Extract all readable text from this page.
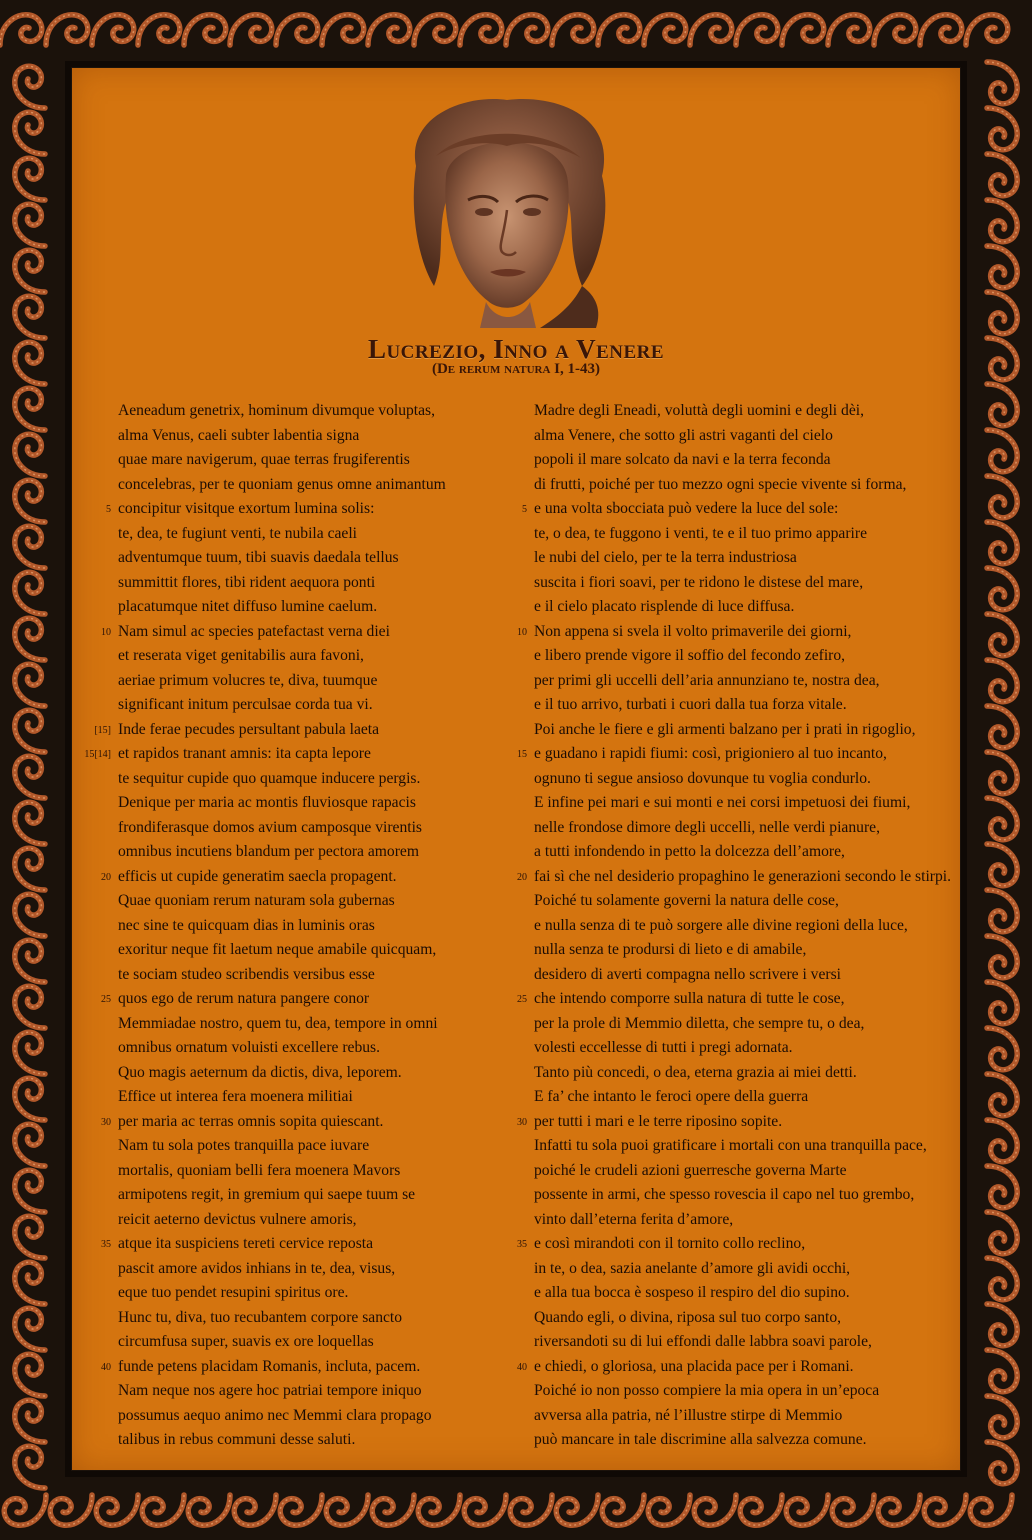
Lucrezio, Inno a Venere
(De rerum natura I, 1-43)
Aeneadum genetrix, hominum divumque voluptas,
alma Venus, caeli subter labentia signa
quae mare navigerum, quae terras frugiferentis
concelebras, per te quoniam genus omne animantum
5 concipitur visitque exortum lumina solis:
te, dea, te fugiunt venti, te nubila caeli
adventumque tuum, tibi suavis daedala tellus
summittit flores, tibi rident aequora ponti
placatumque nitet diffuso lumine caelum.
10 Nam simul ac species patefactast verna diei
et reserata viget genitabilis aura favoni,
aeriae primum volucres te, diva, tuumque
significant initum perculsae corda tua vi.
[15] Inde ferae pecudes persultant pabula laeta
15[14] et rapidos tranant amnis: ita capta lepore
te sequitur cupide quo quamque inducere pergis.
Denique per maria ac montis fluviosque rapacis
frondiferasque domos avium camposque virentis
omnibus incutiens blandum per pectora amorem
20 efficis ut cupide generatim saecla propagent.
Quae quoniam rerum naturam sola gubernas
nec sine te quicquam dias in luminis oras
exoritur neque fit laetum neque amabile quicquam,
te sociam studeo scribendis versibus esse
25 quos ego de rerum natura pangere conor
Memmiadae nostro, quem tu, dea, tempore in omni
omnibus ornatum voluisti excellere rebus.
Quo magis aeternum da dictis, diva, leporem.
Effice ut interea fera moenera militiai
30 per maria ac terras omnis sopita quiescant.
Nam tu sola potes tranquilla pace iuvare
mortalis, quoniam belli fera moenera Mavors
armipotens regit, in gremium qui saepe tuum se
reicit aeterno devictus vulnere amoris,
35 atque ita suspiciens tereti cervice reposta
pascit amore avidos inhians in te, dea, visus,
eque tuo pendet resupini spiritus ore.
Hunc tu, diva, tuo recubantem corpore sancto
circumfusa super, suavis ex ore loquellas
40 funde petens placidam Romanis, incluta, pacem.
Nam neque nos agere hoc patriai tempore iniquo
possumus aequo animo nec Memmi clara propago
talibus in rebus communi desse saluti.
Madre degli Eneadi, voluttà degli uomini e degli dèi,
alma Venere, che sotto gli astri vaganti del cielo
popoli il mare solcato da navi e la terra feconda
di frutti, poiché per tuo mezzo ogni specie vivente si forma,
5 e una volta sbocciata può vedere la luce del sole:
te, o dea, te fuggono i venti, te e il tuo primo apparire
le nubi del cielo, per te la terra industriosa
suscita i fiori soavi, per te ridono le distese del mare,
e il cielo placato risplende di luce diffusa.
10 Non appena si svela il volto primaverile dei giorni,
e libero prende vigore il soffio del fecondo zefiro,
per primi gli uccelli dell’aria annunziano te, nostra dea,
e il tuo arrivo, turbati i cuori dalla tua forza vitale.
Poi anche le fiere e gli armenti balzano per i prati in rigoglio,
15 e guadano i rapidi fiumi: così, prigioniero al tuo incanto,
ognuno ti segue ansioso dovunque tu voglia condurlo.
E infine pei mari e sui monti e nei corsi impetuosi dei fiumi,
nelle frondose dimore degli uccelli, nelle verdi pianure,
a tutti infondendo in petto la dolcezza dell’amore,
20 fai sì che nel desiderio propaghino le generazioni secondo le stirpi.
Poiché tu solamente governi la natura delle cose,
e nulla senza di te può sorgere alle divine regioni della luce,
nulla senza te prodursi di lieto e di amabile,
desidero di averti compagna nello scrivere i versi
25 che intendo comporre sulla natura di tutte le cose,
per la prole di Memmio diletta, che sempre tu, o dea,
volesti eccellesse di tutti i pregi adornata.
Tanto più concedi, o dea, eterna grazia ai miei detti.
E fa’ che intanto le feroci opere della guerra
30 per tutti i mari e le terre riposino sopite.
Infatti tu sola puoi gratificare i mortali con una tranquilla pace,
poiché le crudeli azioni guerresche governa Marte
possente in armi, che spesso rovescia il capo nel tuo grembo,
vinto dall’eterna ferita d’amore,
35 e così mirandoti con il tornito collo reclino,
in te, o dea, sazia anelante d’amore gli avidi occhi,
e alla tua bocca è sospeso il respiro del dio supino.
Quando egli, o divina, riposa sul tuo corpo santo,
riversandoti su di lui effondi dalle labbra soavi parole,
40 e chiedi, o gloriosa, una placida pace per i Romani.
Poiché io non posso compiere la mia opera in un’epoca
avversa alla patria, né l’illustre stirpe di Memmio
può mancare in tale discrimine alla salvezza comune.
